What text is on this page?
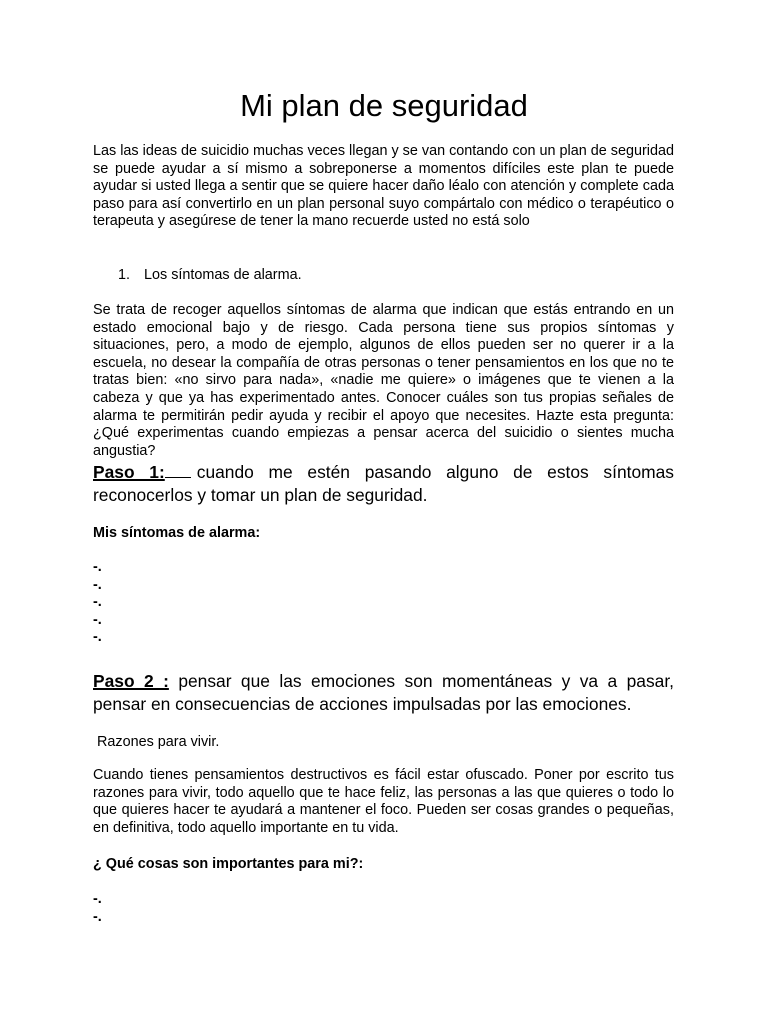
Mi plan de seguridad

Las las ideas de suicidio muchas veces llegan y se van contando con un plan de seguridad se puede ayudar a sí mismo a sobreponerse a momentos difíciles este plan te puede ayudar si usted llega a sentir que se quiere hacer daño léalo con atención y complete cada paso para así convertirlo en un plan personal suyo compártalo con médico o terapéutico o terapeuta y asegúrese de tener la mano recuerde usted no está solo

1. Los síntomas de alarma.

Se trata de recoger aquellos síntomas de alarma que indican que estás entrando en un estado emocional bajo y de riesgo. Cada persona tiene sus propios síntomas y situaciones, pero, a modo de ejemplo, algunos de ellos pueden ser no querer ir a la escuela, no desear la compañía de otras personas o tener pensamientos en los que no te tratas bien: «no sirvo para nada», «nadie me quiere» o imágenes que te vienen a la cabeza y que ya has experimentado antes. Conocer cuáles son tus propias señales de alarma te permitirán pedir ayuda y recibir el apoyo que necesites. Hazte esta pregunta: ¿Qué experimentas cuando empiezas a pensar acerca del suicidio o sientes mucha angustia?

Paso 1: cuando me estén pasando alguno de estos síntomas reconocerlos y tomar un plan de seguridad.

Mis síntomas de alarma:

-.
-.
-.
-.
-.

Paso 2 : pensar que las emociones son momentáneas y va a pasar, pensar en consecuencias de acciones impulsadas por las emociones.

Razones para vivir.

Cuando tienes pensamientos destructivos es fácil estar ofuscado. Poner por escrito tus razones para vivir, todo aquello que te hace feliz, las personas a las que quieres o todo lo que quieres hacer te ayudará a mantener el foco. Pueden ser cosas grandes o pequeñas, en definitiva, todo aquello importante en tu vida.

¿ Qué cosas son importantes para mi?:

-.
-.
